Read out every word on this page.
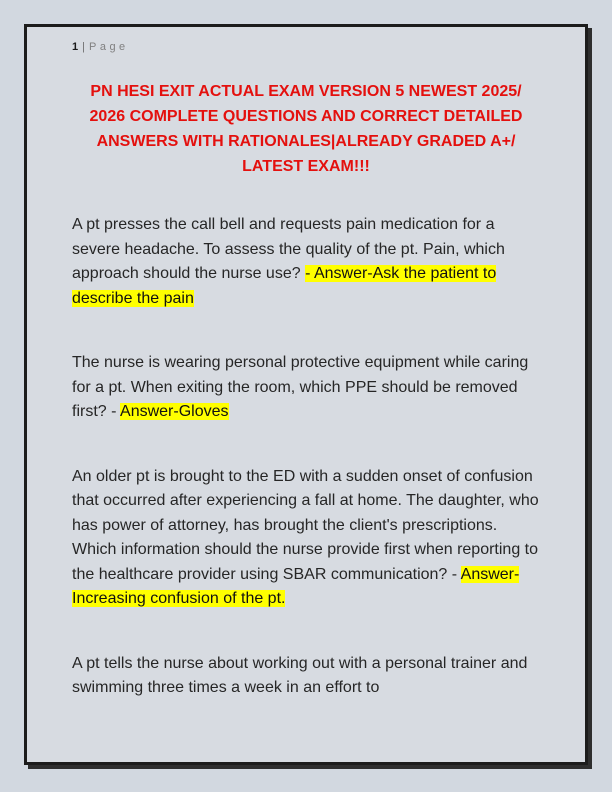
1 | Page
PN HESI EXIT ACTUAL EXAM VERSION 5 NEWEST 2025/ 2026 COMPLETE QUESTIONS AND CORRECT DETAILED ANSWERS WITH RATIONALES|ALREADY GRADED A+/ LATEST EXAM!!!

A pt presses the call bell and requests pain medication for a severe headache. To assess the quality of the pt. Pain, which approach should the nurse use? - Answer-Ask the patient to describe the pain

The nurse is wearing personal protective equipment while caring for a pt. When exiting the room, which PPE should be removed first? - Answer-Gloves

An older pt is brought to the ED with a sudden onset of confusion that occurred after experiencing a fall at home. The daughter, who has power of attorney, has brought the client's prescriptions. Which information should the nurse provide first when reporting to the healthcare provider using SBAR communication? - Answer-Increasing confusion of the pt.

A pt tells the nurse about working out with a personal trainer and swimming three times a week in an effort to
